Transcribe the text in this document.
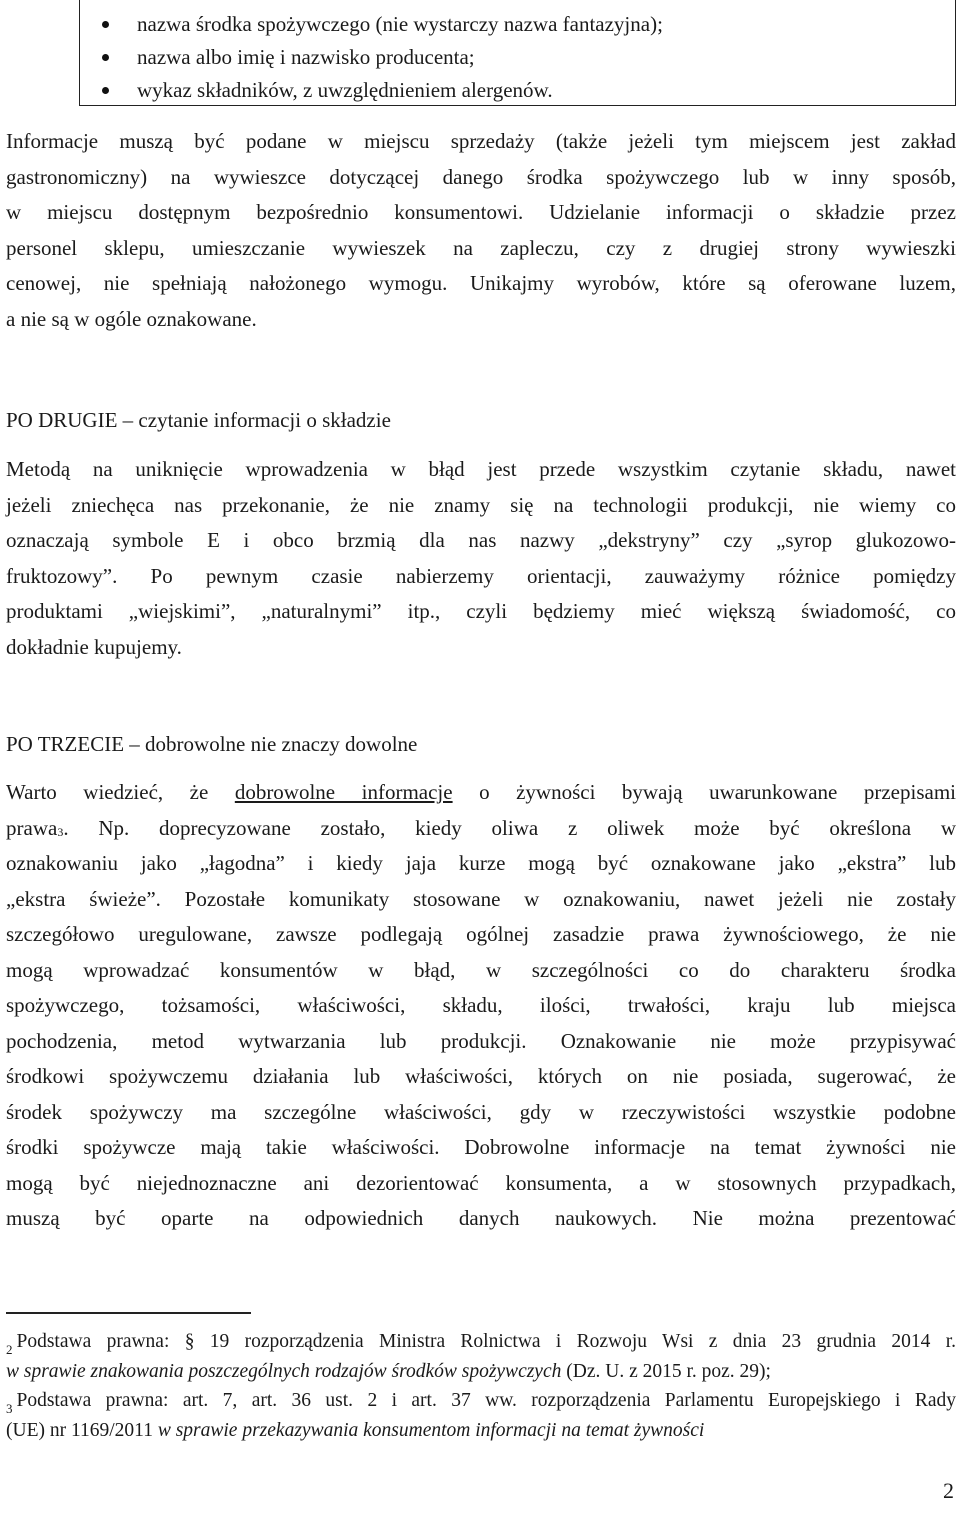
nazwa środka spożywczego (nie wystarczy nazwa fantazyjna);
nazwa albo imię i nazwisko producenta;
wykaz składników, z uwzględnieniem alergenów.
Informacje muszą być podane w miejscu sprzedaży (także jeżeli tym miejscem jest zakład
gastronomiczny) na wywieszce dotyczącej danego środka spożywczego lub w inny sposób,
w miejscu dostępnym bezpośrednio konsumentowi. Udzielanie informacji o składzie przez
personel sklepu, umieszczanie wywieszek na zapleczu, czy z drugiej strony wywieszki
cenowej, nie spełniają nałożonego wymogu. Unikajmy wyrobów, które są oferowane luzem,
a nie są w ogóle oznakowane.
PO DRUGIE – czytanie informacji o składzie
Metodą na uniknięcie wprowadzenia w błąd jest przede wszystkim czytanie składu, nawet
jeżeli zniechęca nas przekonanie, że nie znamy się na technologii produkcji, nie wiemy co
oznaczają symbole E i obco brzmią dla nas nazwy „dekstryny” czy „syrop glukozowo-
fruktozowy”. Po pewnym czasie nabierzemy orientacji, zauważymy różnice pomiędzy
produktami „wiejskimi”, „naturalnymi” itp., czyli będziemy mieć większą świadomość, co
dokładnie kupujemy.
PO TRZECIE – dobrowolne nie znaczy dowolne
Warto wiedzieć, że dobrowolne informacje o żywności bywają uwarunkowane przepisami
prawa$^3$. Np. doprecyzowane zostało, kiedy oliwa z oliwek może być określona w
oznakowaniu jako „łagodna” i kiedy jaja kurze mogą być oznakowane jako „ekstra” lub
„ekstra świeże”. Pozostałe komunikaty stosowane w oznakowaniu, nawet jeżeli nie zostały
szczegółowo uregulowane, zawsze podlegają ogólnej zasadzie prawa żywnościowego, że nie
mogą wprowadzać konsumentów w błąd, w szczególności co do charakteru środka
spożywczego, tożsamości, właściwości, składu, ilości, trwałości, kraju lub miejsca
pochodzenia, metod wytwarzania lub produkcji. Oznakowanie nie może przypisywać
środkowi spożywczemu działania lub właściwości, których on nie posiada, sugerować, że
środek spożywczy ma szczególne właściwości, gdy w rzeczywistości wszystkie podobne
środki spożywcze mają takie właściwości. Dobrowolne informacje na temat żywności nie
mogą być niejednoznaczne ani dezorientować konsumenta, a w stosownych przypadkach,
muszą być oparte na odpowiednich danych naukowych. Nie można prezentować
$^2$ Podstawa prawna: § 19 rozporządzenia Ministra Rolnictwa i Rozwoju Wsi z dnia 23 grudnia 2014 r.
w sprawie znakowania poszczególnych rodzajów środków spożywczych (Dz. U. z 2015 r. poz. 29);
$^3$ Podstawa prawna: art. 7, art. 36 ust. 2 i art. 37 ww. rozporządzenia Parlamentu Europejskiego i Rady
(UE) nr 1169/2011 w sprawie przekazywania konsumentom informacji na temat żywności
2
